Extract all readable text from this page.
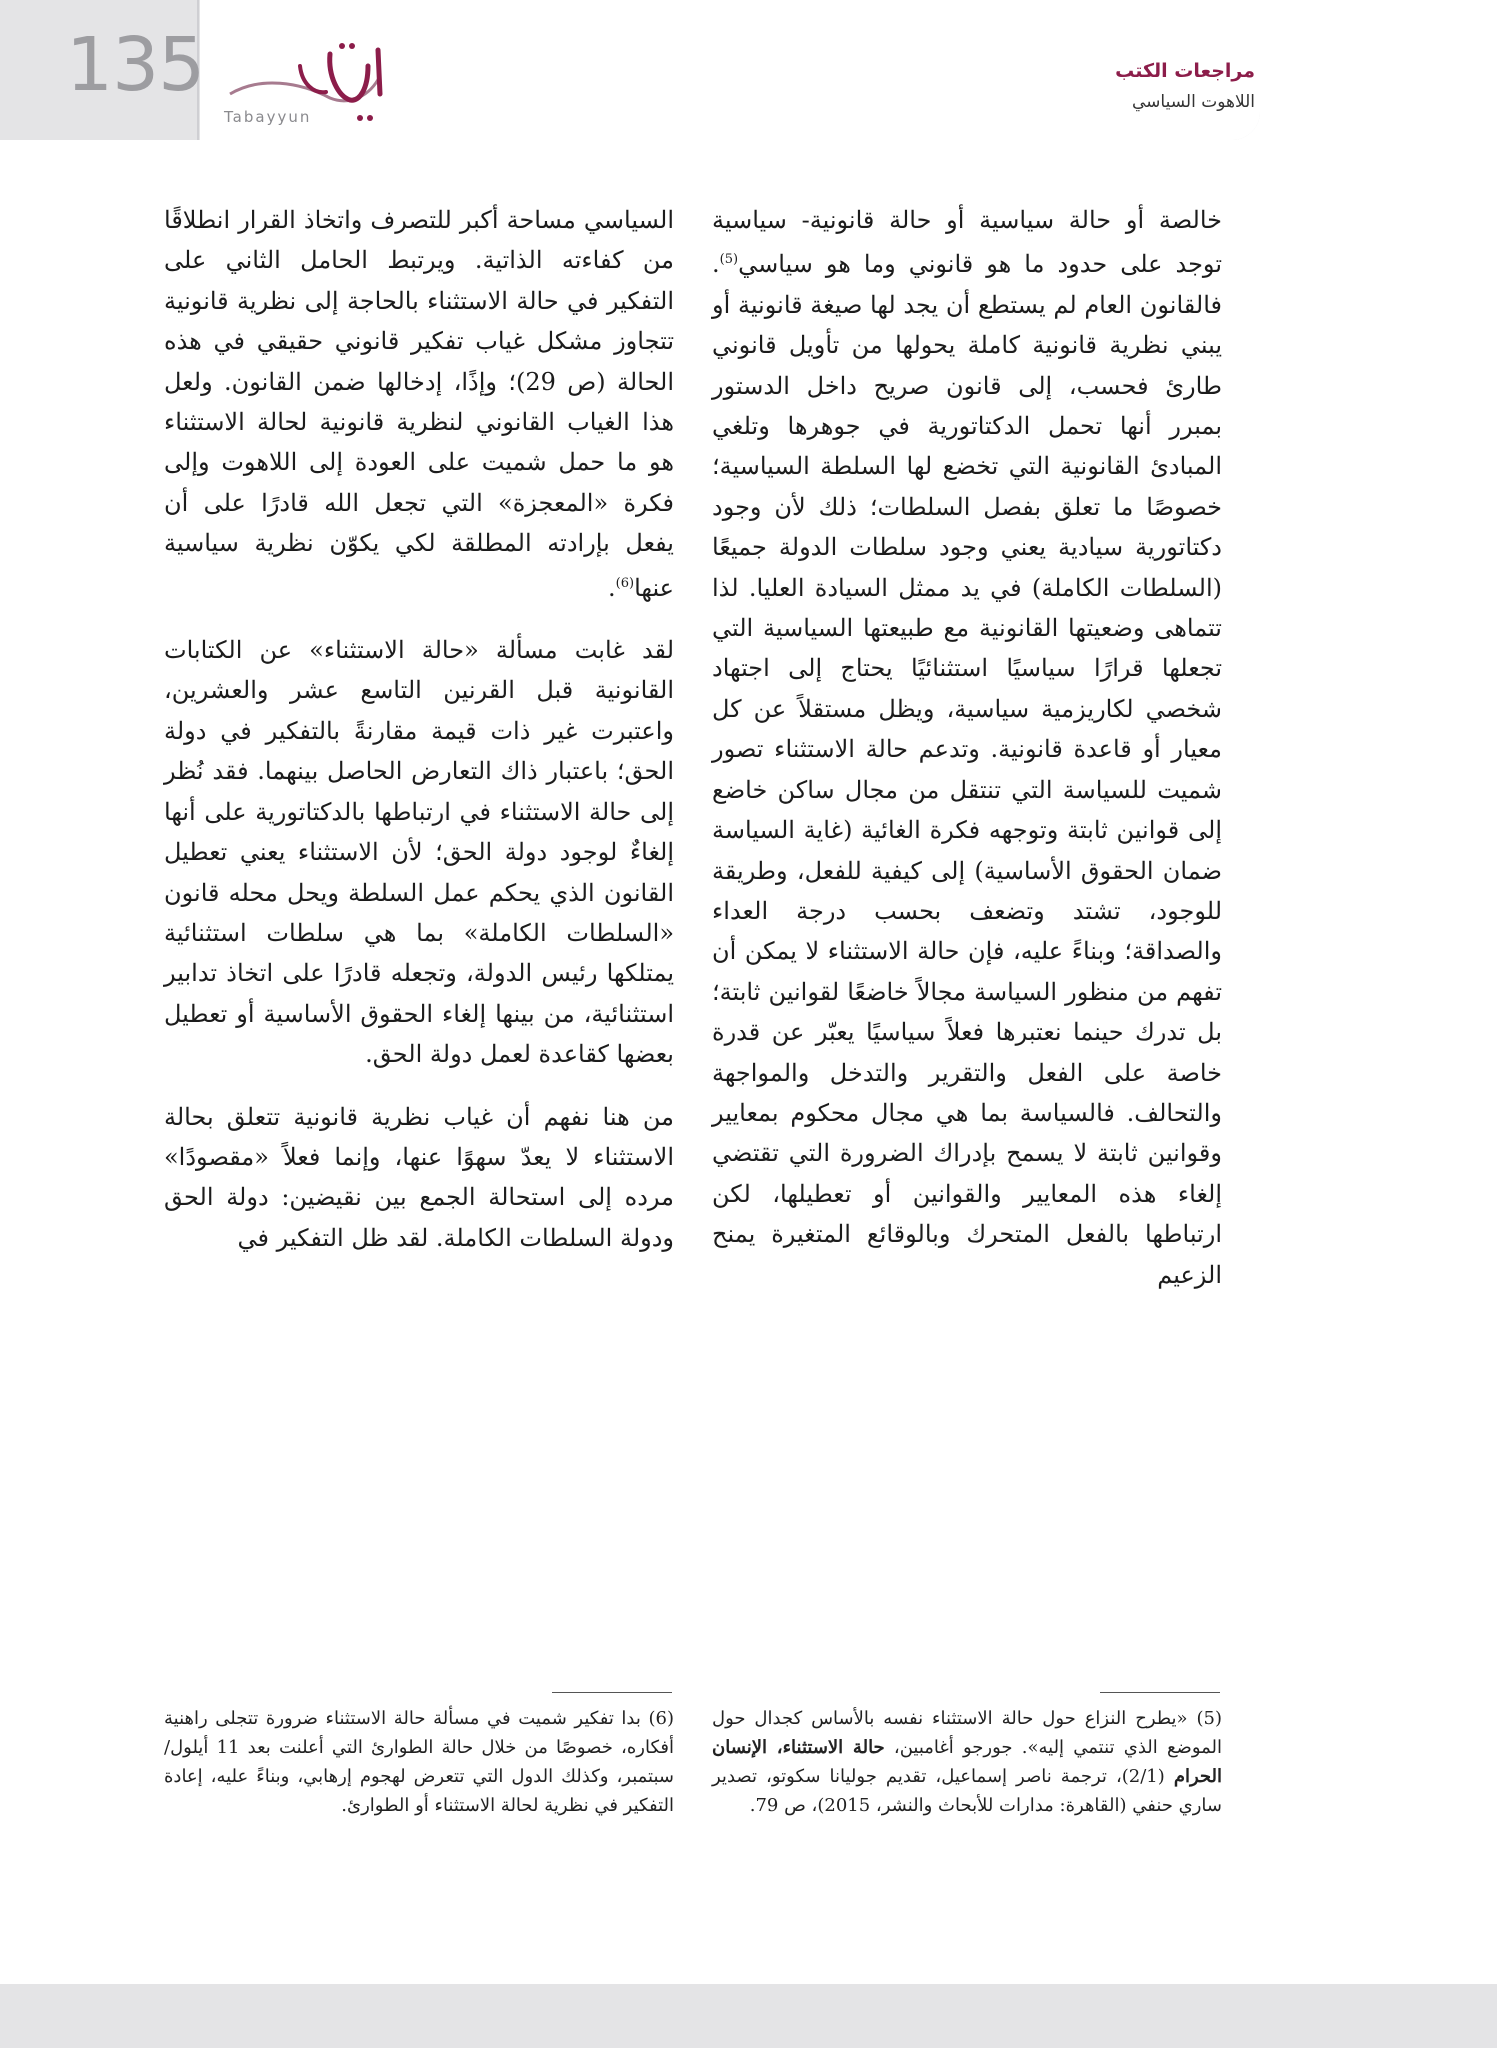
135
Tabayyun
مراجعات الكتب
اللاهوت السياسي

خالصة أو حالة سياسية أو حالة قانونية- سياسية توجد على حدود ما هو قانوني وما هو سياسي$^{(5)}$. فالقانون العام لم يستطع أن يجد لها صيغة قانونية أو يبني نظرية قانونية كاملة يحولها من تأويل قانوني طارئ فحسب، إلى قانون صريح داخل الدستور بمبرر أنها تحمل الدكتاتورية في جوهرها وتلغي المبادئ القانونية التي تخضع لها السلطة السياسية؛ خصوصًا ما تعلق بفصل السلطات؛ ذلك لأن وجود دكتاتورية سيادية يعني وجود سلطات الدولة جميعًا (السلطات الكاملة) في يد ممثل السيادة العليا. لذا تتماهى وضعيتها القانونية مع طبيعتها السياسية التي تجعلها قرارًا سياسيًا استثنائيًا يحتاج إلى اجتهاد شخصي لكاريزمية سياسية، ويظل مستقلاً عن كل معيار أو قاعدة قانونية. وتدعم حالة الاستثناء تصور شميت للسياسة التي تنتقل من مجال ساكن خاضع إلى قوانين ثابتة وتوجهه فكرة الغائية (غاية السياسة ضمان الحقوق الأساسية) إلى كيفية للفعل، وطريقة للوجود، تشتد وتضعف بحسب درجة العداء والصداقة؛ وبناءً عليه، فإن حالة الاستثناء لا يمكن أن تفهم من منظور السياسة مجالاً خاضعًا لقوانين ثابتة؛ بل تدرك حينما نعتبرها فعلاً سياسيًا يعبّر عن قدرة خاصة على الفعل والتقرير والتدخل والمواجهة والتحالف. فالسياسة بما هي مجال محكوم بمعايير وقوانين ثابتة لا يسمح بإدراك الضرورة التي تقتضي إلغاء هذه المعايير والقوانين أو تعطيلها، لكن ارتباطها بالفعل المتحرك وبالوقائع المتغيرة يمنح الزعيم

السياسي مساحة أكبر للتصرف واتخاذ القرار انطلاقًا من كفاءته الذاتية. ويرتبط الحامل الثاني على التفكير في حالة الاستثناء بالحاجة إلى نظرية قانونية تتجاوز مشكل غياب تفكير قانوني حقيقي في هذه الحالة (ص 29)؛ وإذًا، إدخالها ضمن القانون. ولعل هذا الغياب القانوني لنظرية قانونية لحالة الاستثناء هو ما حمل شميت على العودة إلى اللاهوت وإلى فكرة «المعجزة» التي تجعل الله قادرًا على أن يفعل بإرادته المطلقة لكي يكوّن نظرية سياسية عنها$^{(6)}$.

لقد غابت مسألة «حالة الاستثناء» عن الكتابات القانونية قبل القرنين التاسع عشر والعشرين، واعتبرت غير ذات قيمة مقارنةً بالتفكير في دولة الحق؛ باعتبار ذاك التعارض الحاصل بينهما. فقد نُظر إلى حالة الاستثناء في ارتباطها بالدكتاتورية على أنها إلغاءٌ لوجود دولة الحق؛ لأن الاستثناء يعني تعطيل القانون الذي يحكم عمل السلطة ويحل محله قانون «السلطات الكاملة» بما هي سلطات استثنائية يمتلكها رئيس الدولة، وتجعله قادرًا على اتخاذ تدابير استثنائية، من بينها إلغاء الحقوق الأساسية أو تعطيل بعضها كقاعدة لعمل دولة الحق.

من هنا نفهم أن غياب نظرية قانونية تتعلق بحالة الاستثناء لا يعدّ سهوًا عنها، وإنما فعلاً «مقصودًا» مرده إلى استحالة الجمع بين نقيضين: دولة الحق ودولة السلطات الكاملة. لقد ظل التفكير في

(5) «يطرح النزاع حول حالة الاستثناء نفسه بالأساس كجدال حول الموضع الذي تنتمي إليه». جورجو أغامبين، حالة الاستثناء، الإنسان الحرام (2/1)، ترجمة ناصر إسماعيل، تقديم جوليانا سكوتو، تصدير ساري حنفي (القاهرة: مدارات للأبحاث والنشر، 2015)، ص 79.

(6) بدا تفكير شميت في مسألة حالة الاستثناء ضرورة تتجلى راهنية أفكاره، خصوصًا من خلال حالة الطوارئ التي أعلنت بعد 11 أيلول/ سبتمبر، وكذلك الدول التي تتعرض لهجوم إرهابي، وبناءً عليه، إعادة التفكير في نظرية لحالة الاستثناء أو الطوارئ.
